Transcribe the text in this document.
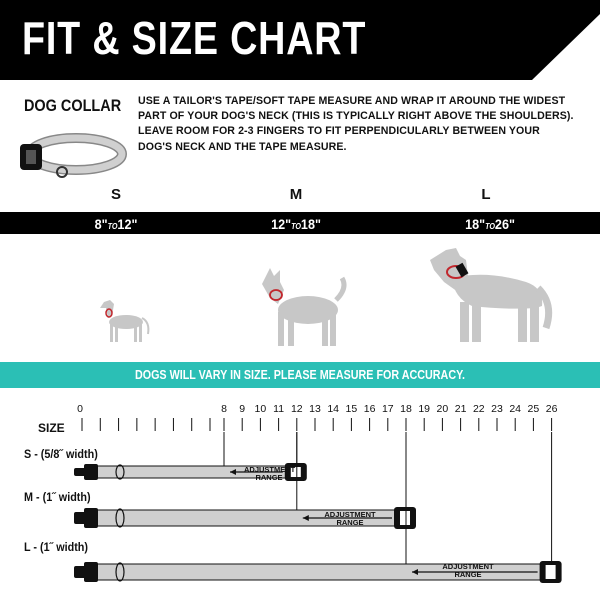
FIT & SIZE CHART
DOG COLLAR USE A TAILOR'S TAPE/SOFT TAPE MEASURE AND WRAP IT AROUND THE WIDEST PART OF YOUR DOG'S NECK (THIS IS TYPICALLY RIGHT ABOVE THE SHOULDERS). LEAVE ROOM FOR 2-3 FINGERS TO FIT PERPENDICULARLY BETWEEN YOUR DOG'S NECK AND THE TAPE MEASURE.
S	M	L
8"TO12"	12"TO18"	18"TO26"
DOGS WILL VARY IN SIZE. PLEASE MEASURE FOR ACCURACY.
SIZE
0	8	9 10 11 12 13 14 15 16 17 18 19 20 21 22 23 24 25 26
S - (5/8˝ width)
M - (1˝ width)
L - (1˝ width)
ADJUSTMENT
RANGE
ADJUSTMENT
RANGE
ADJUSTMENT
RANGE
